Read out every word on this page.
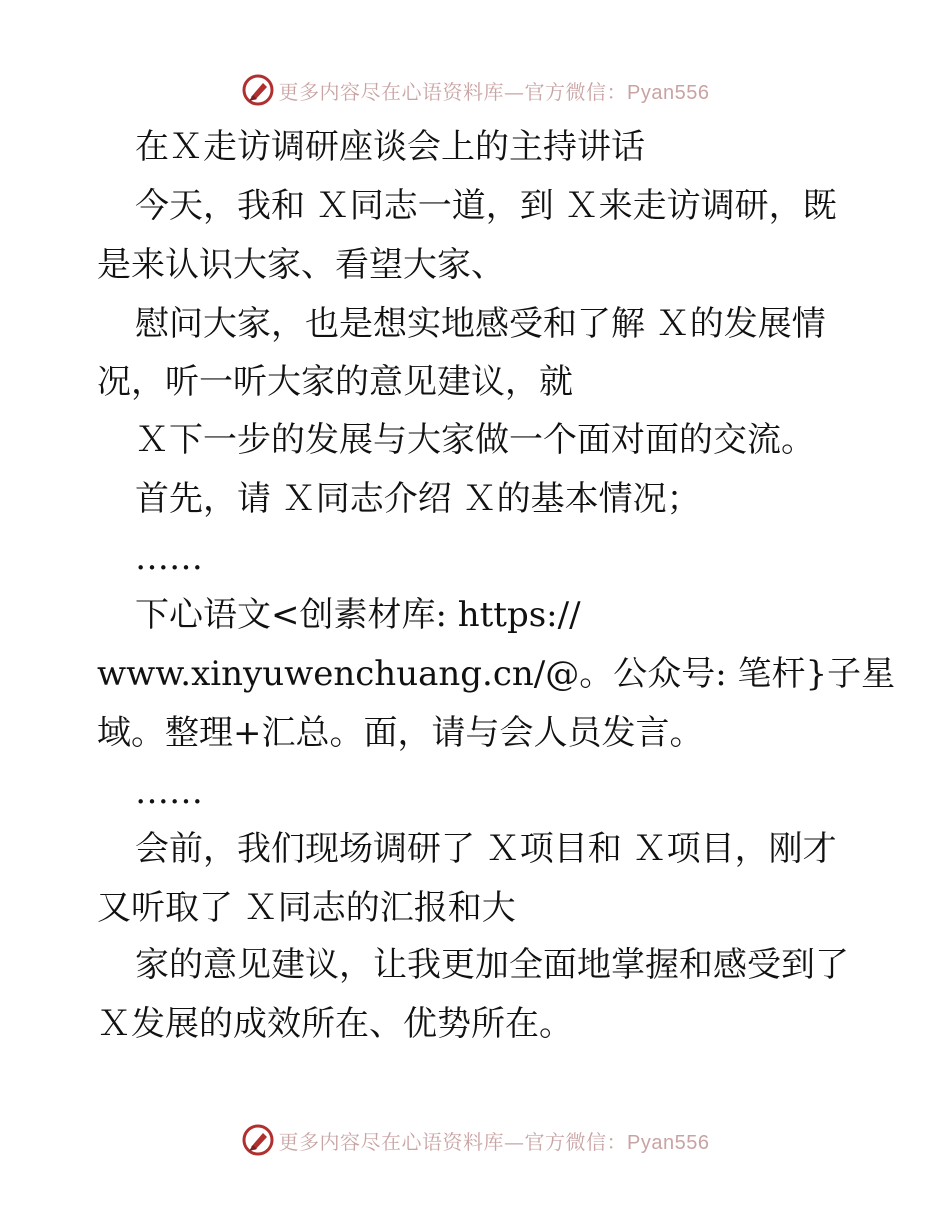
更多内容尽在心语资料库—官方微信：Pyan556
在Ｘ走访调研座谈会上的主持讲话
今天，我和 Ｘ同志一道，到 Ｘ来走访调研，既
是来认识大家、看望大家、
慰问大家，也是想实地感受和了解 Ｘ的发展情
况，听一听大家的意见建议，就
Ｘ下一步的发展与大家做一个面对面的交流。
首先，请 Ｘ同志介绍 Ｘ的基本情况；
……
下心语文<创素材库: https://
www.xinyuwenchuang.cn/@。公众号: 笔杆}子星
域。整理+汇总。面，请与会人员发言。
……
会前，我们现场调研了 Ｘ项目和 Ｘ项目，刚才
又听取了 Ｘ同志的汇报和大
家的意见建议，让我更加全面地掌握和感受到了
Ｘ发展的成效所在、优势所在。
更多内容尽在心语资料库—官方微信：Pyan556
